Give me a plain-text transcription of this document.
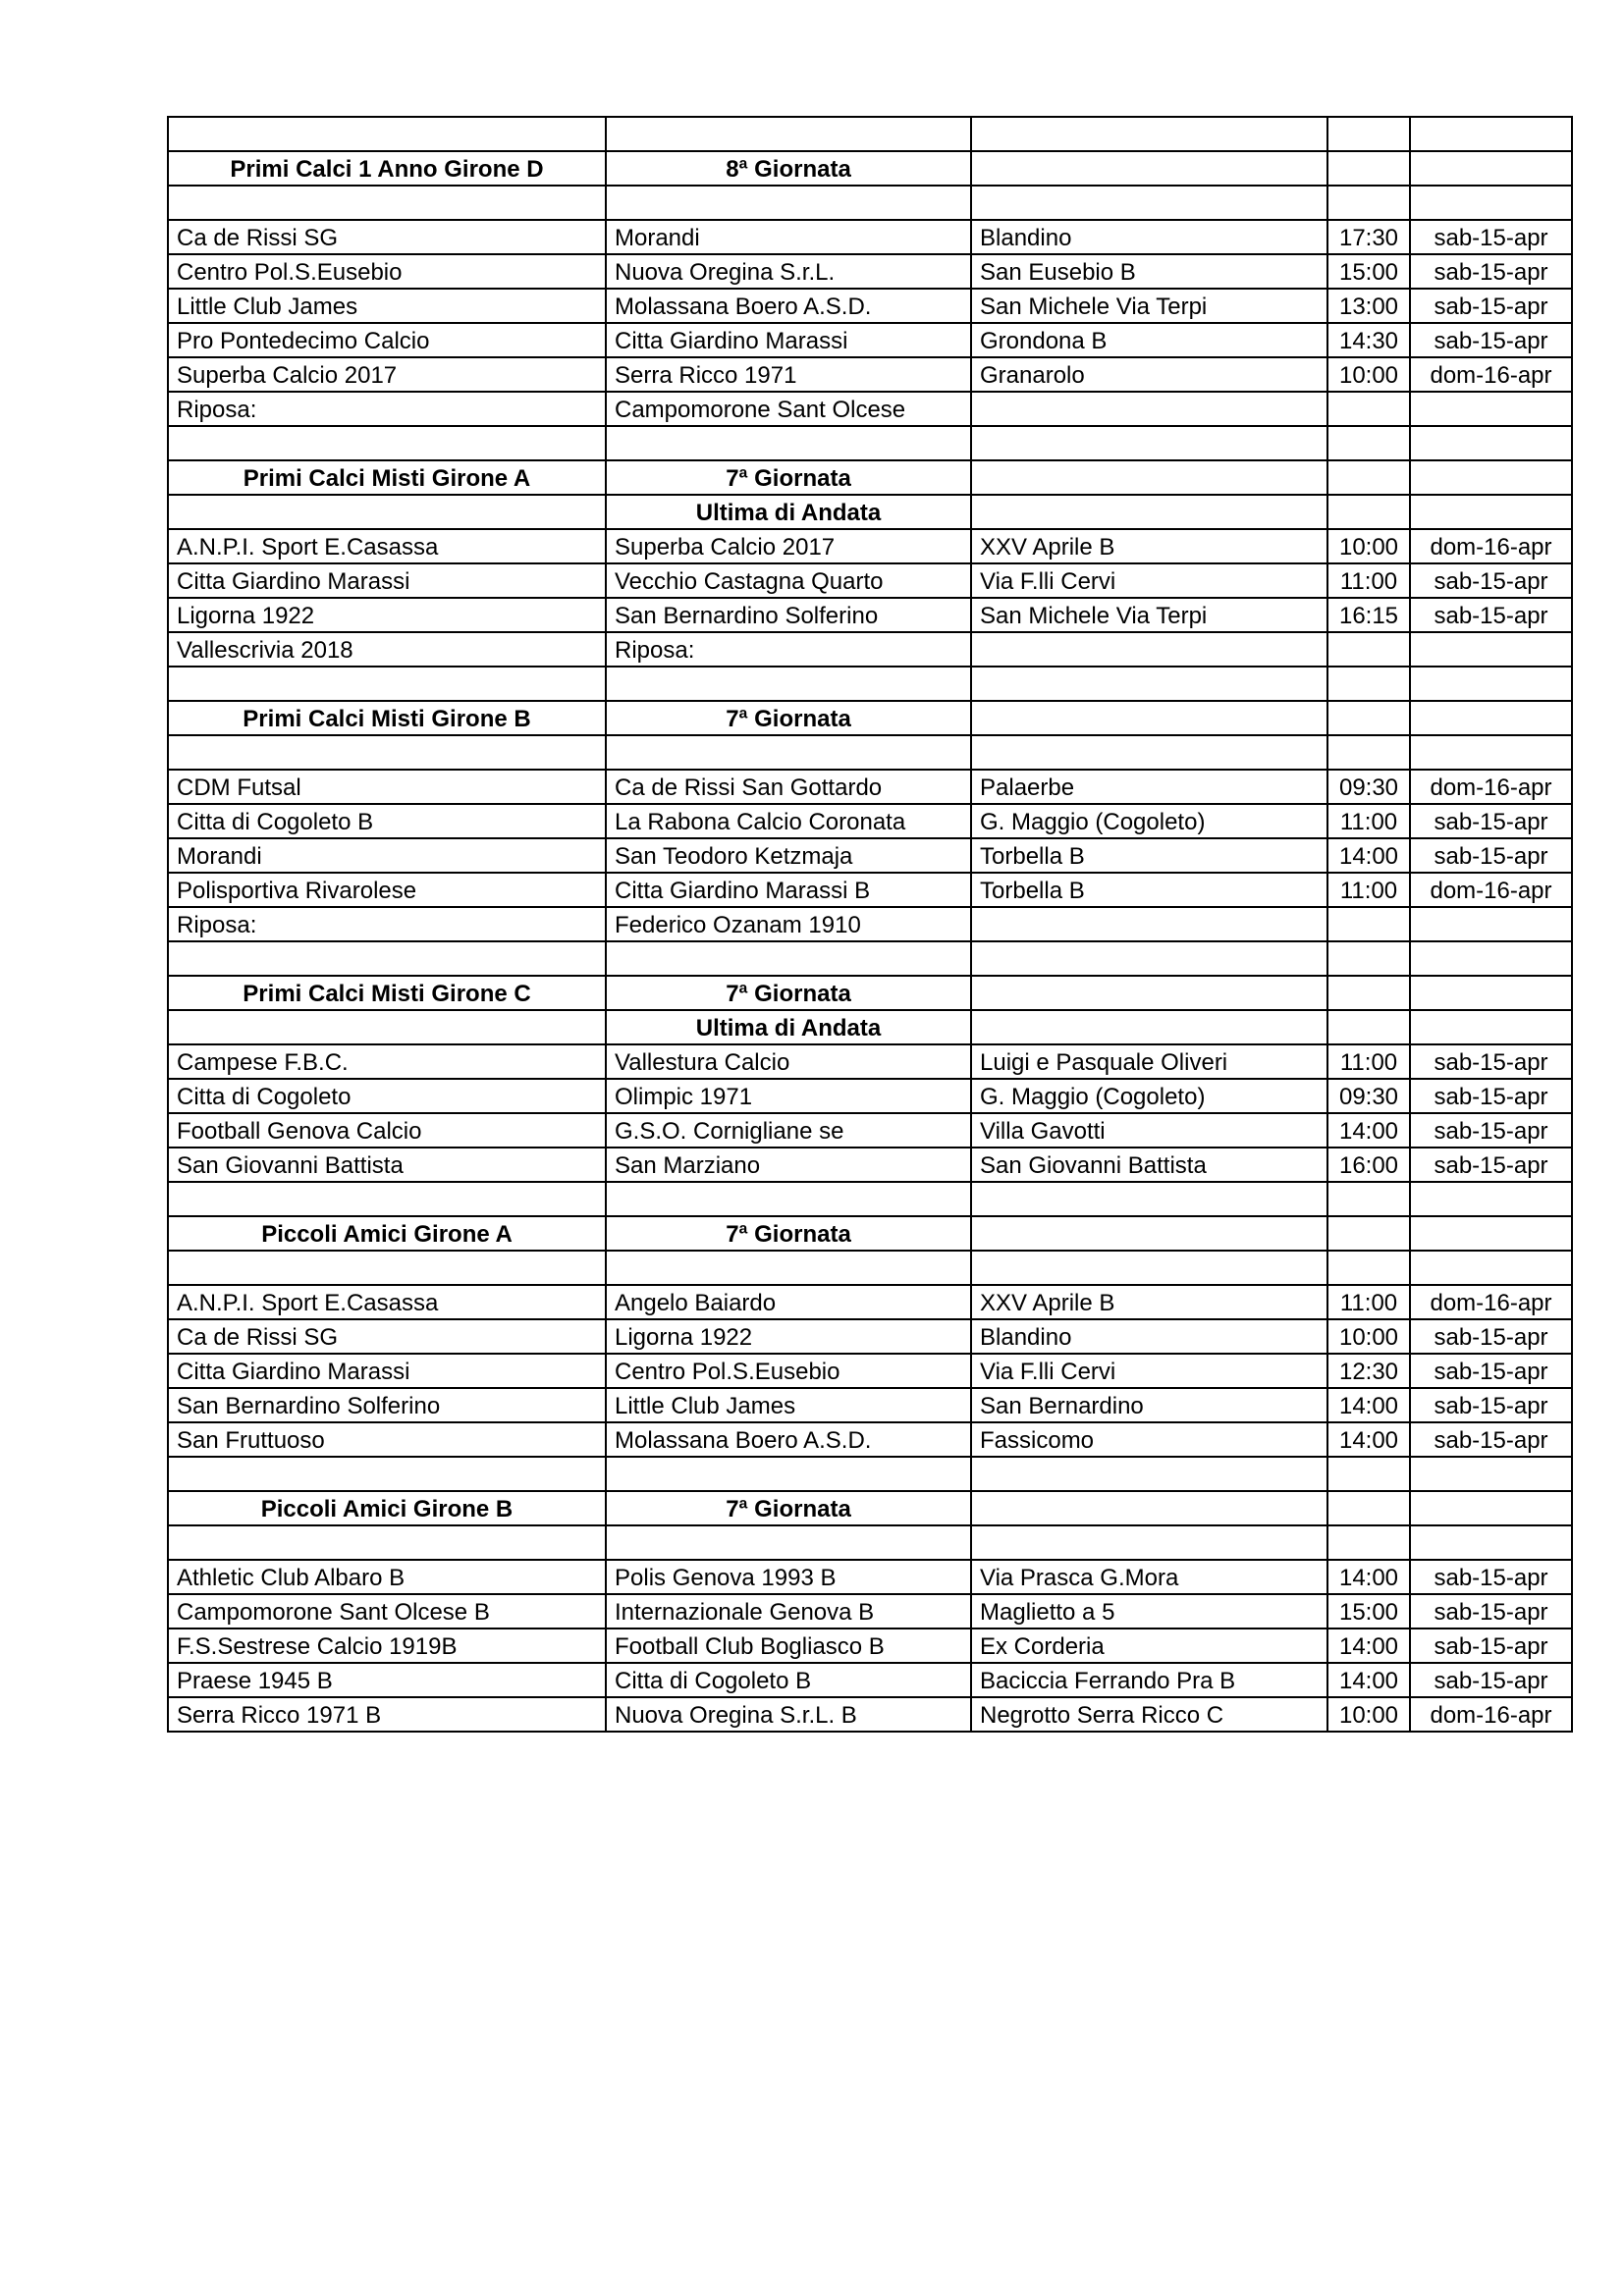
Primi Calci 1 Anno Girone D	8ª Giornata			

Ca de Rissi SG	Morandi	Blandino	17:30	sab-15-apr
Centro Pol.S.Eusebio	Nuova Oregina S.r.L.	San Eusebio B	15:00	sab-15-apr
Little Club James	Molassana Boero A.S.D.	San Michele Via Terpi	13:00	sab-15-apr
Pro Pontedecimo Calcio	Citta Giardino Marassi	Grondona B	14:30	sab-15-apr
Superba Calcio 2017	Serra Ricco 1971	Granarolo	10:00	dom-16-apr
Riposa:	Campomorone Sant Olcese			

Primi Calci Misti Girone A	7ª Giornata			
	Ultima di Andata			
A.N.P.I. Sport E.Casassa	Superba Calcio 2017	XXV Aprile B	10:00	dom-16-apr
Citta Giardino Marassi	Vecchio Castagna Quarto	Via F.lli Cervi	11:00	sab-15-apr
Ligorna 1922	San Bernardino Solferino	San Michele Via Terpi	16:15	sab-15-apr
Vallescrivia 2018	Riposa:			

Primi Calci Misti Girone B	7ª Giornata			

CDM Futsal	Ca de Rissi San Gottardo	Palaerbe	09:30	dom-16-apr
Citta di Cogoleto B	La Rabona Calcio Coronata	G. Maggio (Cogoleto)	11:00	sab-15-apr
Morandi	San Teodoro Ketzmaja	Torbella B	14:00	sab-15-apr
Polisportiva Rivarolese	Citta Giardino Marassi B	Torbella B	11:00	dom-16-apr
Riposa:	Federico Ozanam 1910			

Primi Calci Misti Girone C	7ª Giornata			
	Ultima di Andata			
Campese F.B.C.	Vallestura Calcio	Luigi e Pasquale Oliveri	11:00	sab-15-apr
Citta di Cogoleto	Olimpic 1971	G. Maggio (Cogoleto)	09:30	sab-15-apr
Football Genova Calcio	G.S.O. Cornigliane se	Villa Gavotti	14:00	sab-15-apr
San Giovanni Battista	San Marziano	San Giovanni Battista	16:00	sab-15-apr

Piccoli Amici Girone A	7ª Giornata			

A.N.P.I. Sport E.Casassa	Angelo Baiardo	XXV Aprile B	11:00	dom-16-apr
Ca de Rissi SG	Ligorna 1922	Blandino	10:00	sab-15-apr
Citta Giardino Marassi	Centro Pol.S.Eusebio	Via F.lli Cervi	12:30	sab-15-apr
San Bernardino Solferino	Little Club James	San Bernardino	14:00	sab-15-apr
San Fruttuoso	Molassana Boero A.S.D.	Fassicomo	14:00	sab-15-apr

Piccoli Amici Girone B	7ª Giornata			

Athletic Club Albaro B	Polis Genova 1993 B	Via Prasca G.Mora	14:00	sab-15-apr
Campomorone Sant Olcese B	Internazionale Genova B	Maglietto a 5	15:00	sab-15-apr
F.S.Sestrese Calcio 1919B	Football Club Bogliasco B	Ex Corderia	14:00	sab-15-apr
Praese 1945 B	Citta di Cogoleto B	Baciccia Ferrando Pra B	14:00	sab-15-apr
Serra Ricco 1971 B	Nuova Oregina S.r.L. B	Negrotto Serra Ricco C	10:00	dom-16-apr
